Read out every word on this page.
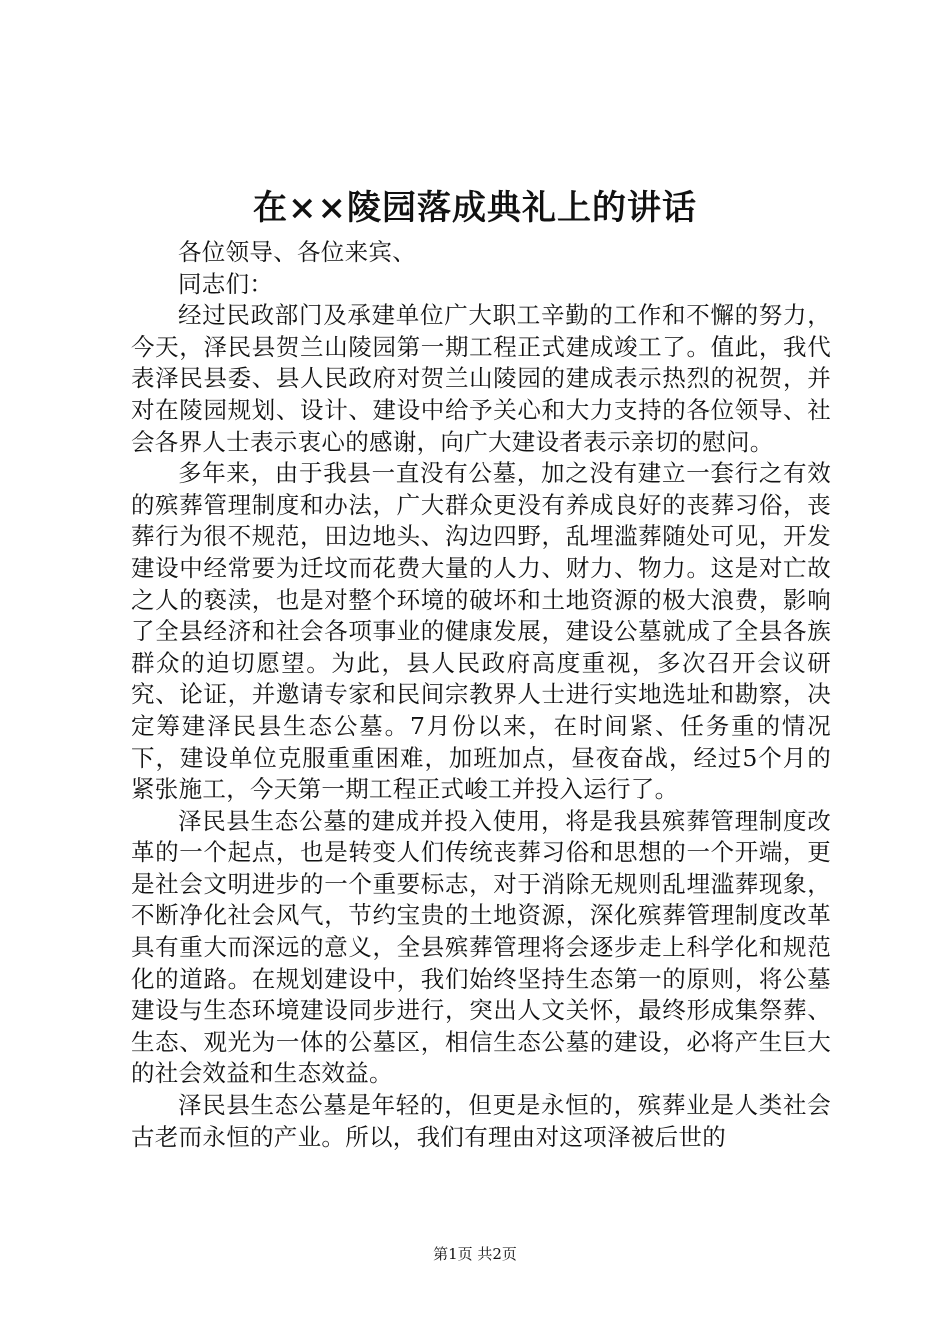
在××陵园落成典礼上的讲话

各位领导、各位来宾、

同志们：

经过民政部门及承建单位广大职工辛勤的工作和不懈的努力，今天，泽民县贺兰山陵园第一期工程正式建成竣工了。值此，我代表泽民县委、县人民政府对贺兰山陵园的建成表示热烈的祝贺，并对在陵园规划、设计、建设中给予关心和大力支持的各位领导、社会各界人士表示衷心的感谢，向广大建设者表示亲切的慰问。

多年来，由于我县一直没有公墓，加之没有建立一套行之有效的殡葬管理制度和办法，广大群众更没有养成良好的丧葬习俗，丧葬行为很不规范，田边地头、沟边四野，乱埋滥葬随处可见，开发建设中经常要为迁坟而花费大量的人力、财力、物力。这是对亡故之人的亵渎，也是对整个环境的破坏和土地资源的极大浪费，影响了全县经济和社会各项事业的健康发展，建设公墓就成了全县各族群众的迫切愿望。为此，县人民政府高度重视，多次召开会议研究、论证，并邀请专家和民间宗教界人士进行实地选址和勘察，决定筹建泽民县生态公墓。7月份以来，在时间紧、任务重的情况下，建设单位克服重重困难，加班加点，昼夜奋战，经过5个月的紧张施工，今天第一期工程正式峻工并投入运行了。

泽民县生态公墓的建成并投入使用，将是我县殡葬管理制度改革的一个起点，也是转变人们传统丧葬习俗和思想的一个开端，更是社会文明进步的一个重要标志，对于消除无规则乱埋滥葬现象，不断净化社会风气，节约宝贵的土地资源，深化殡葬管理制度改革具有重大而深远的意义，全县殡葬管理将会逐步走上科学化和规范化的道路。在规划建设中，我们始终坚持生态第一的原则，将公墓建设与生态环境建设同步进行，突出人文关怀，最终形成集祭葬、生态、观光为一体的公墓区，相信生态公墓的建设，必将产生巨大的社会效益和生态效益。

泽民县生态公墓是年轻的，但更是永恒的，殡葬业是人类社会古老而永恒的产业。所以，我们有理由对这项泽被后世的

第1页 共2页
